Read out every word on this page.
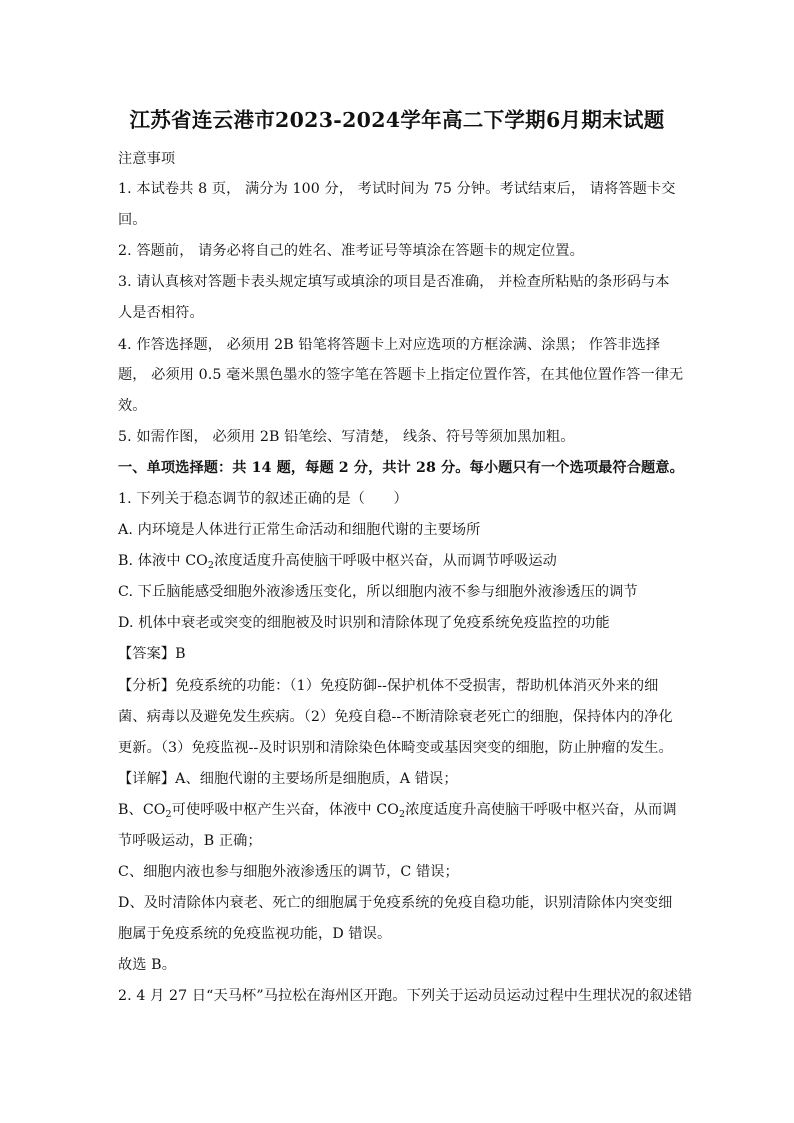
江苏省连云港市2023-2024学年高二下学期6月期末试题
注意事项
1. 本试卷共 8 页， 满分为 100 分， 考试时间为 75 分钟。考试结束后， 请将答题卡交
回。
2. 答题前， 请务必将自己的姓名、准考证号等填涂在答题卡的规定位置。
3. 请认真核对答题卡表头规定填写或填涂的项目是否准确， 并检查所粘贴的条形码与本
人是否相符。
4. 作答选择题， 必须用 2B 铅笔将答题卡上对应选项的方框涂满、涂黑； 作答非选择
题， 必须用 0.5 毫米黑色墨水的签字笔在答题卡上指定位置作答，在其他位置作答一律无
效。
5. 如需作图， 必须用 2B 铅笔绘、写清楚， 线条、符号等须加黑加粗。
一、单项选择题：共 14 题，每题 2 分，共计 28 分。每小题只有一个选项最符合题意。
1. 下列关于稳态调节的叙述正确的是（　　）
A. 内环境是人体进行正常生命活动和细胞代谢的主要场所
B. 体液中 $CO_2$浓度适度升高使脑干呼吸中枢兴奋，从而调节呼吸运动
C. 下丘脑能感受细胞外液渗透压变化，所以细胞内液不参与细胞外液渗透压的调节
D. 机体中衰老或突变的细胞被及时识别和清除体现了免疫系统免疫监控的功能
【答案】B
【分析】免疫系统的功能：（1）免疫防御--保护机体不受损害，帮助机体消灭外来的细
菌、病毒以及避免发生疾病。（2）免疫自稳--不断清除衰老死亡的细胞，保持体内的净化
更新。（3）免疫监视--及时识别和清除染色体畸变或基因突变的细胞，防止肿瘤的发生。
【详解】A、细胞代谢的主要场所是细胞质，A 错误；
B、$CO_2$可使呼吸中枢产生兴奋，体液中 $CO_2$浓度适度升高使脑干呼吸中枢兴奋，从而调
节呼吸运动，B 正确；
C、细胞内液也参与细胞外液渗透压的调节，C 错误；
D、及时清除体内衰老、死亡的细胞属于免疫系统的免疫自稳功能，识别清除体内突变细
胞属于免疫系统的免疫监视功能，D 错误。
故选 B。
2. 4 月 27 日“天马杯”马拉松在海州区开跑。下列关于运动员运动过程中生理状况的叙述错
